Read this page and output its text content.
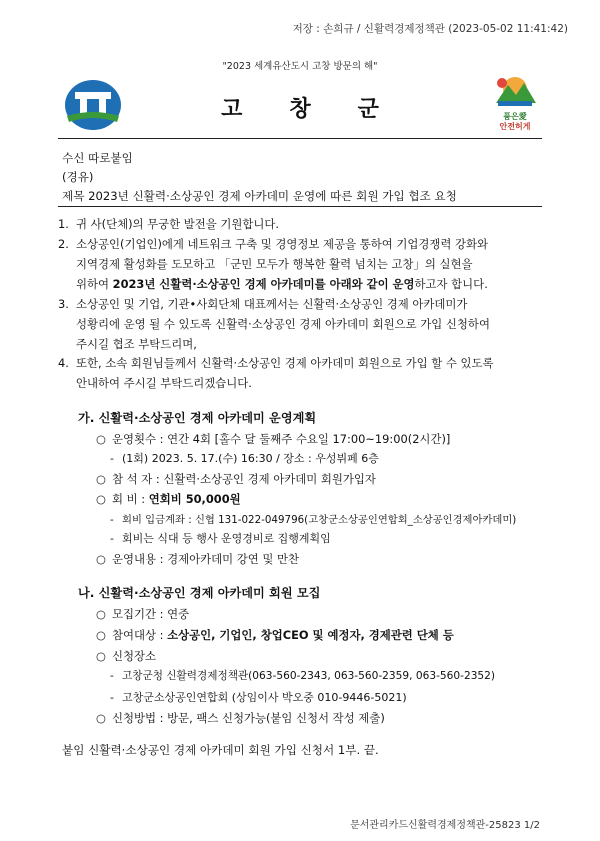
저장 : 손희규 / 신활력경제정책관 (2023-05-02 11:41:42)
"2023 세계유산도시 고창 방문의 해"
고창군	품은愛
안전허게
수신 따로붙임
(경유)
제목 2023년 신활력·소상공인 경제 아카데미 운영에 따른 회원 가입 협조 요청
1. 귀 사(단체)의 무궁한 발전을 기원합니다.
2. 소상공인(기업인)에게 네트워크 구축 및 경영정보 제공을 통하여 기업경쟁력 강화와
지역경제 활성화를 도모하고 「군민 모두가 행복한 활력 넘치는 고창」의 실현을
위하여 2023년 신활력·소상공인 경제 아카데미를 아래와 같이 운영하고자 합니다.
3. 소상공인 및 기업, 기관•사회단체 대표께서는 신활력·소상공인 경제 아카데미가
성황리에 운영 될 수 있도록 신활력·소상공인 경제 아카데미 회원으로 가입 신청하여
주시길 협조 부탁드리며,
4. 또한, 소속 회원님들께서 신활력·소상공인 경제 아카데미 회원으로 가입 할 수 있도록
안내하여 주시길 부탁드리겠습니다.
가. 신활력·소상공인 경제 아카데미 운영계획
○ 운영횟수 : 연간 4회 [홀수 달 둘째주 수요일 17:00~19:00(2시간)]
- (1회) 2023. 5. 17.(수) 16:30 / 장소 : 우성뷔페 6층
○ 참 석 자 : 신활력·소상공인 경제 아카데미 회원가입자
○ 회 비 : 연회비 50,000원
- 회비 입금계좌 : 신협 131-022-049796(고창군소상공인연합회_소상공인경제아카데미)
- 회비는 식대 등 행사 운영경비로 집행계획임
○ 운영내용 : 경제아카데미 강연 및 만찬
나. 신활력·소상공인 경제 아카데미 회원 모집
○ 모집기간 : 연중
○ 참여대상 : 소상공인, 기업인, 창업CEO 및 예정자, 경제관련 단체 등
○ 신청장소
- 고창군청 신활력경제정책관(063-560-2343, 063-560-2359, 063-560-2352)
- 고창군소상공인연합회 (상임이사 박오중 010-9446-5021)
○ 신청방법 : 방문, 팩스 신청가능(붙임 신청서 작성 제출)
붙임 신활력·소상공인 경제 아카데미 회원 가입 신청서 1부. 끝.
문서관리카드신활력경제정책관-25823 1/2
